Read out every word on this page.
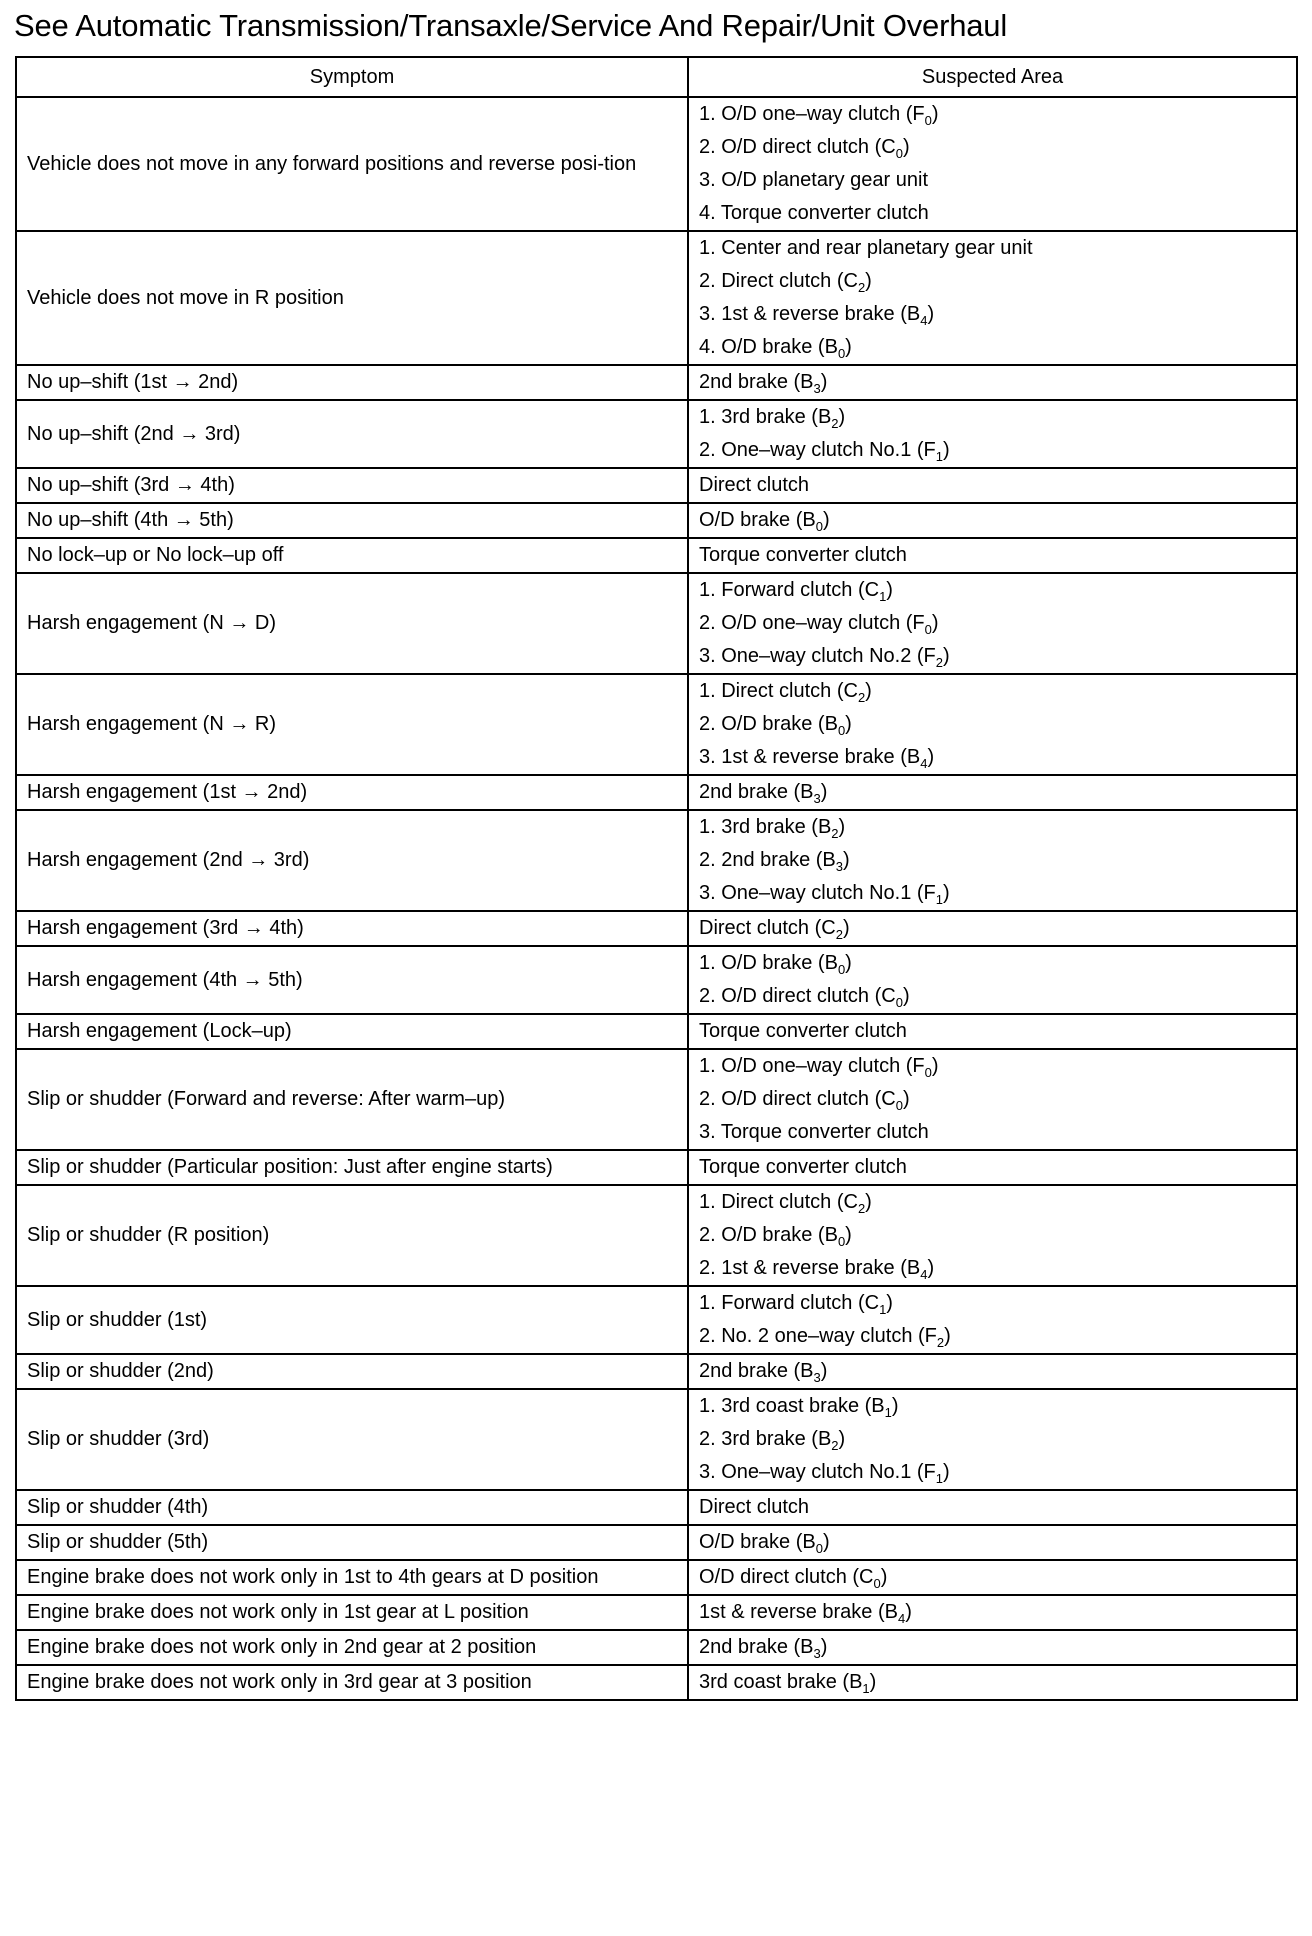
See Automatic Transmission/Transaxle/Service And Repair/Unit Overhaul
Symptom	Suspected Area

Vehicle does not move in any forward positions and reverse posi-tion	1. O/D one–way clutch $(F_0)$
2. O/D direct clutch $(C_0)$
3. O/D planetary gear unit
4. Torque converter clutch

Vehicle does not move in R position	1. Center and rear planetary gear unit
2. Direct clutch $(C_2)$
3. 1st & reverse brake $(B_4)$
4. O/D brake $(B_0)$

No up–shift (1st → 2nd)	2nd brake $(B_3)$

No up–shift (2nd → 3rd)	1. 3rd brake $(B_2)$
2. One–way clutch No.1 $(F_1)$

No up–shift (3rd → 4th)	Direct clutch

No up–shift (4th → 5th)	O/D brake $(B_0)$

No lock–up or No lock–up off	Torque converter clutch

Harsh engagement (N → D)	1. Forward clutch $(C_1)$
2. O/D one–way clutch $(F_0)$
3. One–way clutch No.2 $(F_2)$

Harsh engagement (N → R)	1. Direct clutch $(C_2)$
2. O/D brake $(B_0)$
3. 1st & reverse brake $(B_4)$

Harsh engagement (1st → 2nd)	2nd brake $(B_3)$

Harsh engagement (2nd → 3rd)	1. 3rd brake $(B_2)$
2. 2nd brake $(B_3)$
3. One–way clutch No.1 $(F_1)$

Harsh engagement (3rd → 4th)	Direct clutch $(C_2)$

Harsh engagement (4th → 5th)	1. O/D brake $(B_0)$
2. O/D direct clutch $(C_0)$

Harsh engagement (Lock–up)	Torque converter clutch

Slip or shudder (Forward and reverse: After warm–up)	1. O/D one–way clutch $(F_0)$
2. O/D direct clutch $(C_0)$
3. Torque converter clutch

Slip or shudder (Particular position: Just after engine starts)	Torque converter clutch

Slip or shudder (R position)	1. Direct clutch $(C_2)$
2. O/D brake $(B_0)$
2. 1st & reverse brake $(B_4)$

Slip or shudder (1st)	1. Forward clutch $(C_1)$
2. No. 2 one–way clutch $(F_2)$

Slip or shudder (2nd)	2nd brake $(B_3)$

Slip or shudder (3rd)	1. 3rd coast brake $(B_1)$
2. 3rd brake $(B_2)$
3. One–way clutch No.1 $(F_1)$

Slip or shudder (4th)	Direct clutch

Slip or shudder (5th)	O/D brake $(B_0)$

Engine brake does not work only in 1st to 4th gears at D position	O/D direct clutch $(C_0)$

Engine brake does not work only in 1st gear at L position	1st & reverse brake $(B_4)$

Engine brake does not work only in 2nd gear at 2 position	2nd brake $(B_3)$

Engine brake does not work only in 3rd gear at 3 position	3rd coast brake $(B_1)$
